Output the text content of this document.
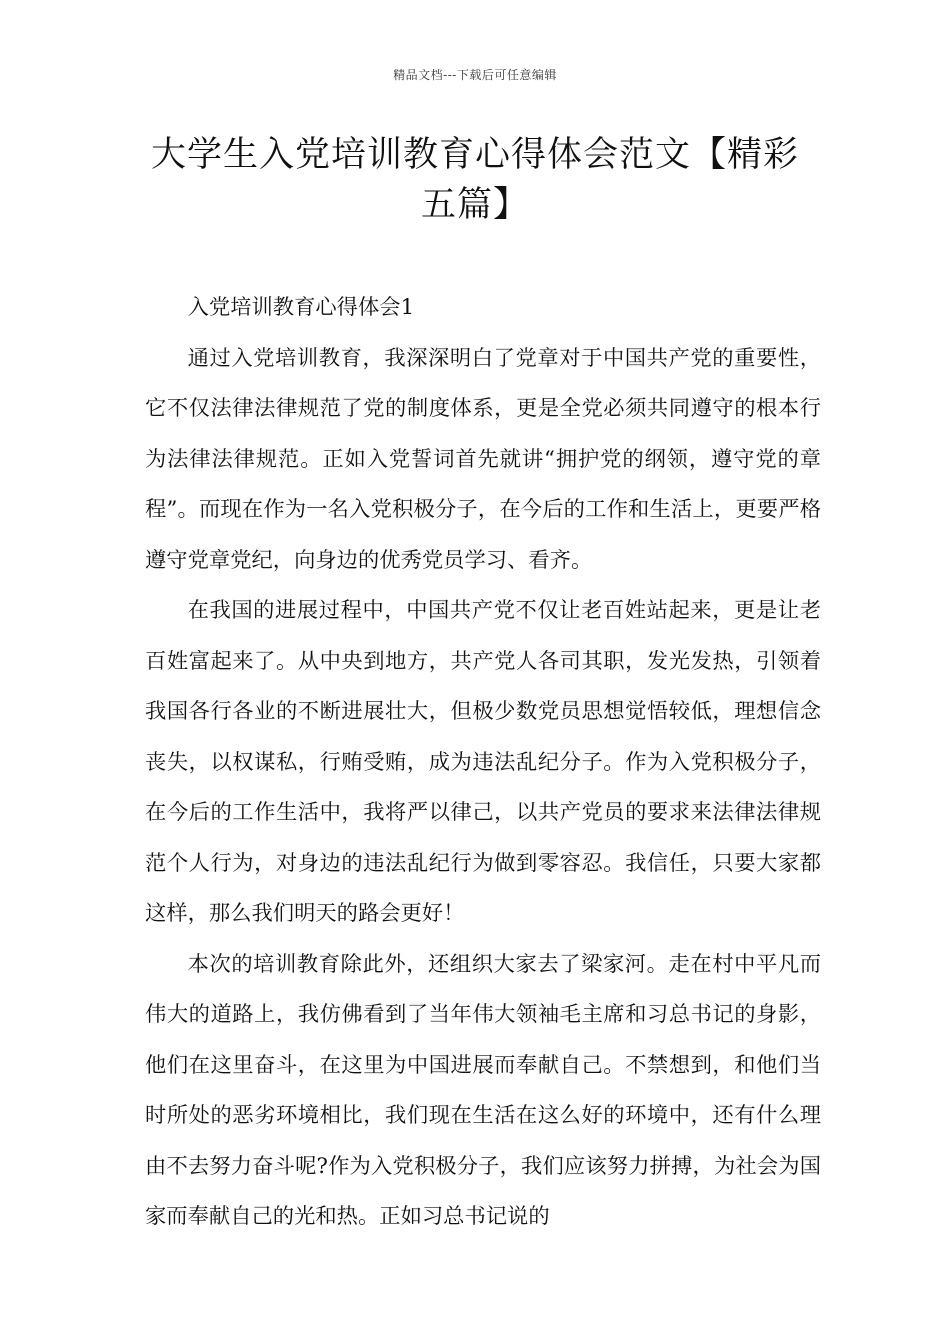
精品文档---下载后可任意编辑
大学生入党培训教育心得体会范文【精彩五篇】

入党培训教育心得体会1

通过入党培训教育，我深深明白了党章对于中国共产党的重要性，它不仅法律法律规范了党的制度体系，更是全党必须共同遵守的根本行为法律法律规范。正如入党誓词首先就讲“拥护党的纲领，遵守党的章程”。而现在作为一名入党积极分子，在今后的工作和生活上，更要严格遵守党章党纪，向身边的优秀党员学习、看齐。

在我国的进展过程中，中国共产党不仅让老百姓站起来，更是让老百姓富起来了。从中央到地方，共产党人各司其职，发光发热，引领着我国各行各业的不断进展壮大，但极少数党员思想觉悟较低，理想信念丧失，以权谋私，行贿受贿，成为违法乱纪分子。作为入党积极分子，在今后的工作生活中，我将严以律己，以共产党员的要求来法律法律规范个人行为，对身边的违法乱纪行为做到零容忍。我信任，只要大家都这样，那么我们明天的路会更好！

本次的培训教育除此外，还组织大家去了梁家河。走在村中平凡而伟大的道路上，我仿佛看到了当年伟大领袖毛主席和习总书记的身影，他们在这里奋斗，在这里为中国进展而奉献自己。不禁想到，和他们当时所处的恶劣环境相比，我们现在生活在这么好的环境中，还有什么理由不去努力奋斗呢?作为入党积极分子，我们应该努力拼搏，为社会为国家而奉献自己的光和热。正如习总书记说的
